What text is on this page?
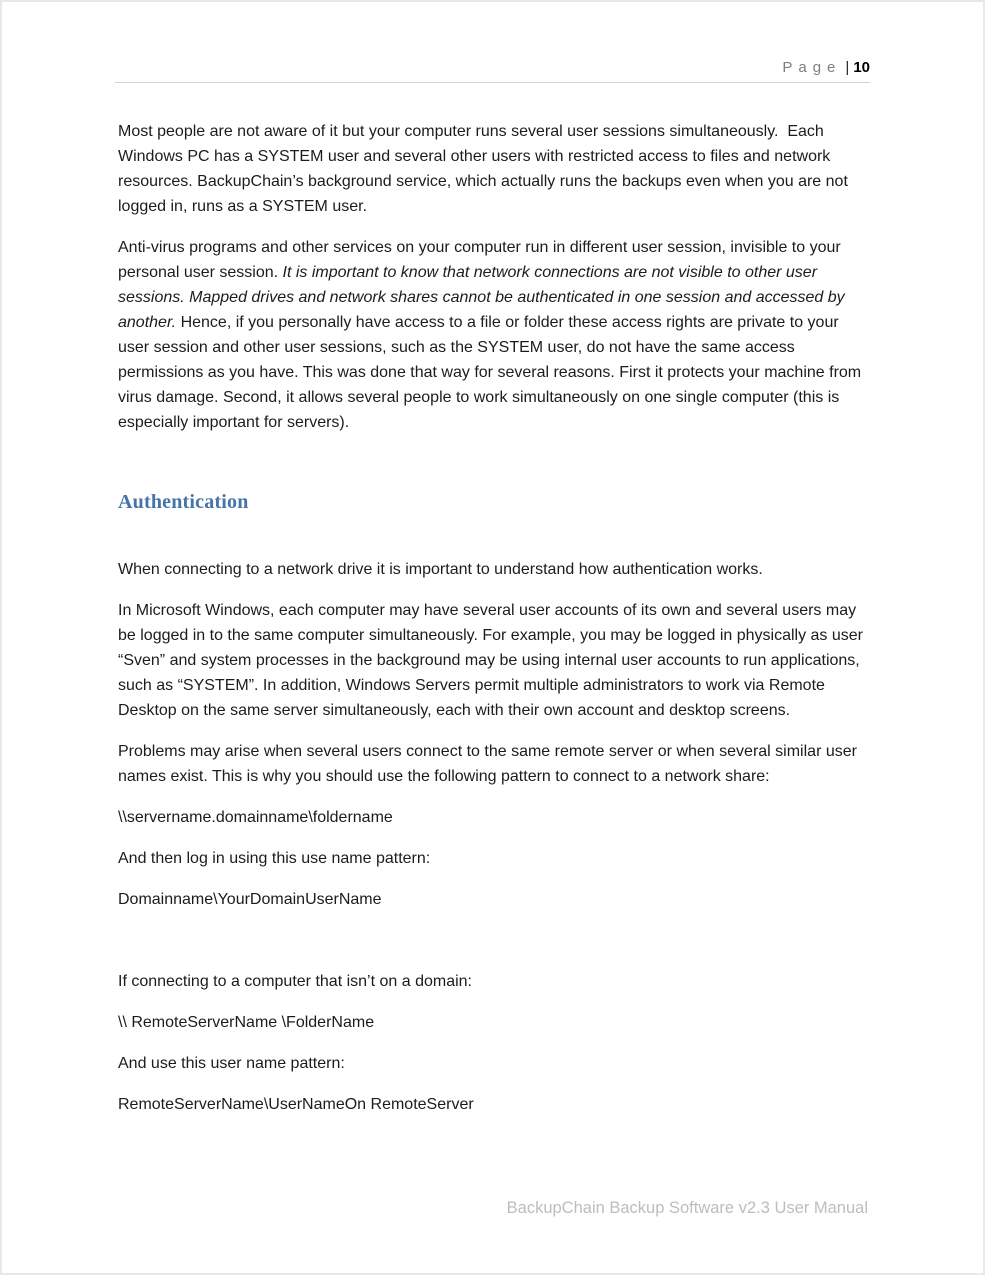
Page | 10

Most people are not aware of it but your computer runs several user sessions simultaneously.  Each Windows PC has a SYSTEM user and several other users with restricted access to files and network resources. BackupChain’s background service, which actually runs the backups even when you are not logged in, runs as a SYSTEM user.

Anti-virus programs and other services on your computer run in different user session, invisible to your personal user session. It is important to know that network connections are not visible to other user sessions. Mapped drives and network shares cannot be authenticated in one session and accessed by another. Hence, if you personally have access to a file or folder these access rights are private to your user session and other user sessions, such as the SYSTEM user, do not have the same access permissions as you have. This was done that way for several reasons. First it protects your machine from virus damage. Second, it allows several people to work simultaneously on one single computer (this is especially important for servers).

Authentication

When connecting to a network drive it is important to understand how authentication works.

In Microsoft Windows, each computer may have several user accounts of its own and several users may be logged in to the same computer simultaneously. For example, you may be logged in physically as user “Sven” and system processes in the background may be using internal user accounts to run applications, such as “SYSTEM”. In addition, Windows Servers permit multiple administrators to work via Remote Desktop on the same server simultaneously, each with their own account and desktop screens.

Problems may arise when several users connect to the same remote server or when several similar user names exist. This is why you should use the following pattern to connect to a network share:

\\servername.domainname\foldername

And then log in using this use name pattern:

Domainname\YourDomainUserName

If connecting to a computer that isn’t on a domain:

\\ RemoteServerName \FolderName

And use this user name pattern:

RemoteServerName\UserNameOn RemoteServer

BackupChain Backup Software v2.3 User Manual
